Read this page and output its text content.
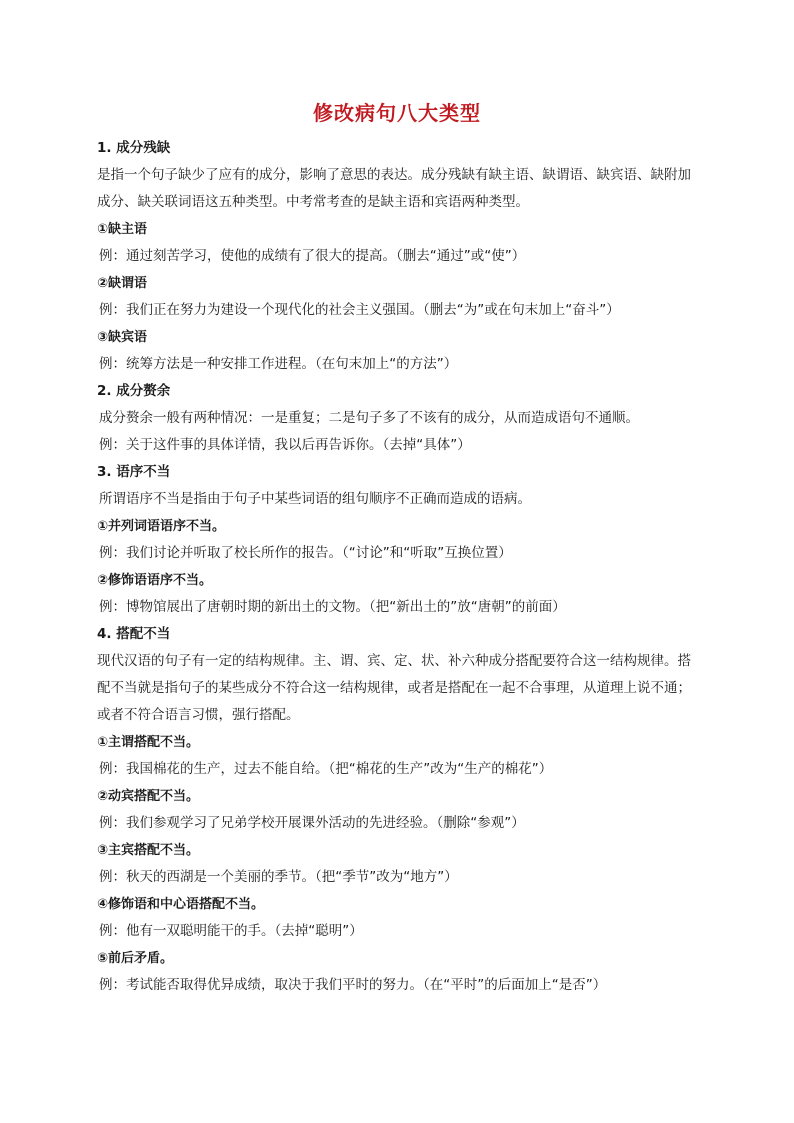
修改病句八大类型
1. 成分残缺
是指一个句子缺少了应有的成分，影响了意思的表达。成分残缺有缺主语、缺谓语、缺宾语、缺附加成分、缺关联词语这五种类型。中考常考查的是缺主语和宾语两种类型。
①缺主语
例：通过刻苦学习，使他的成绩有了很大的提高。（删去“通过”或“使”）
②缺谓语
例：我们正在努力为建设一个现代化的社会主义强国。（删去“为”或在句末加上“奋斗”）
③缺宾语
例：统筹方法是一种安排工作进程。（在句末加上“的方法”）
2. 成分赘余
成分赘余一般有两种情况：一是重复；二是句子多了不该有的成分，从而造成语句不通顺。
例：关于这件事的具体详情，我以后再告诉你。（去掉“具体”）
3. 语序不当
所谓语序不当是指由于句子中某些词语的组句顺序不正确而造成的语病。
①并列词语语序不当。
例：我们讨论并听取了校长所作的报告。（“讨论”和“听取”互换位置）
②修饰语语序不当。
例：博物馆展出了唐朝时期的新出土的文物。（把“新出土的”放“唐朝”的前面）
4. 搭配不当
现代汉语的句子有一定的结构规律。主、谓、宾、定、状、补六种成分搭配要符合这一结构规律。搭配不当就是指句子的某些成分不符合这一结构规律，或者是搭配在一起不合事理，从道理上说不通；或者不符合语言习惯，强行搭配。
①主谓搭配不当。
例：我国棉花的生产，过去不能自给。（把“棉花的生产”改为“生产的棉花”）
②动宾搭配不当。
例：我们参观学习了兄弟学校开展课外活动的先进经验。（删除“参观”）
③主宾搭配不当。
例：秋天的西湖是一个美丽的季节。（把“季节”改为“地方”）
④修饰语和中心语搭配不当。
例：他有一双聪明能干的手。（去掉“聪明”）
⑤前后矛盾。
例：考试能否取得优异成绩，取决于我们平时的努力。（在“平时”的后面加上“是否”）
